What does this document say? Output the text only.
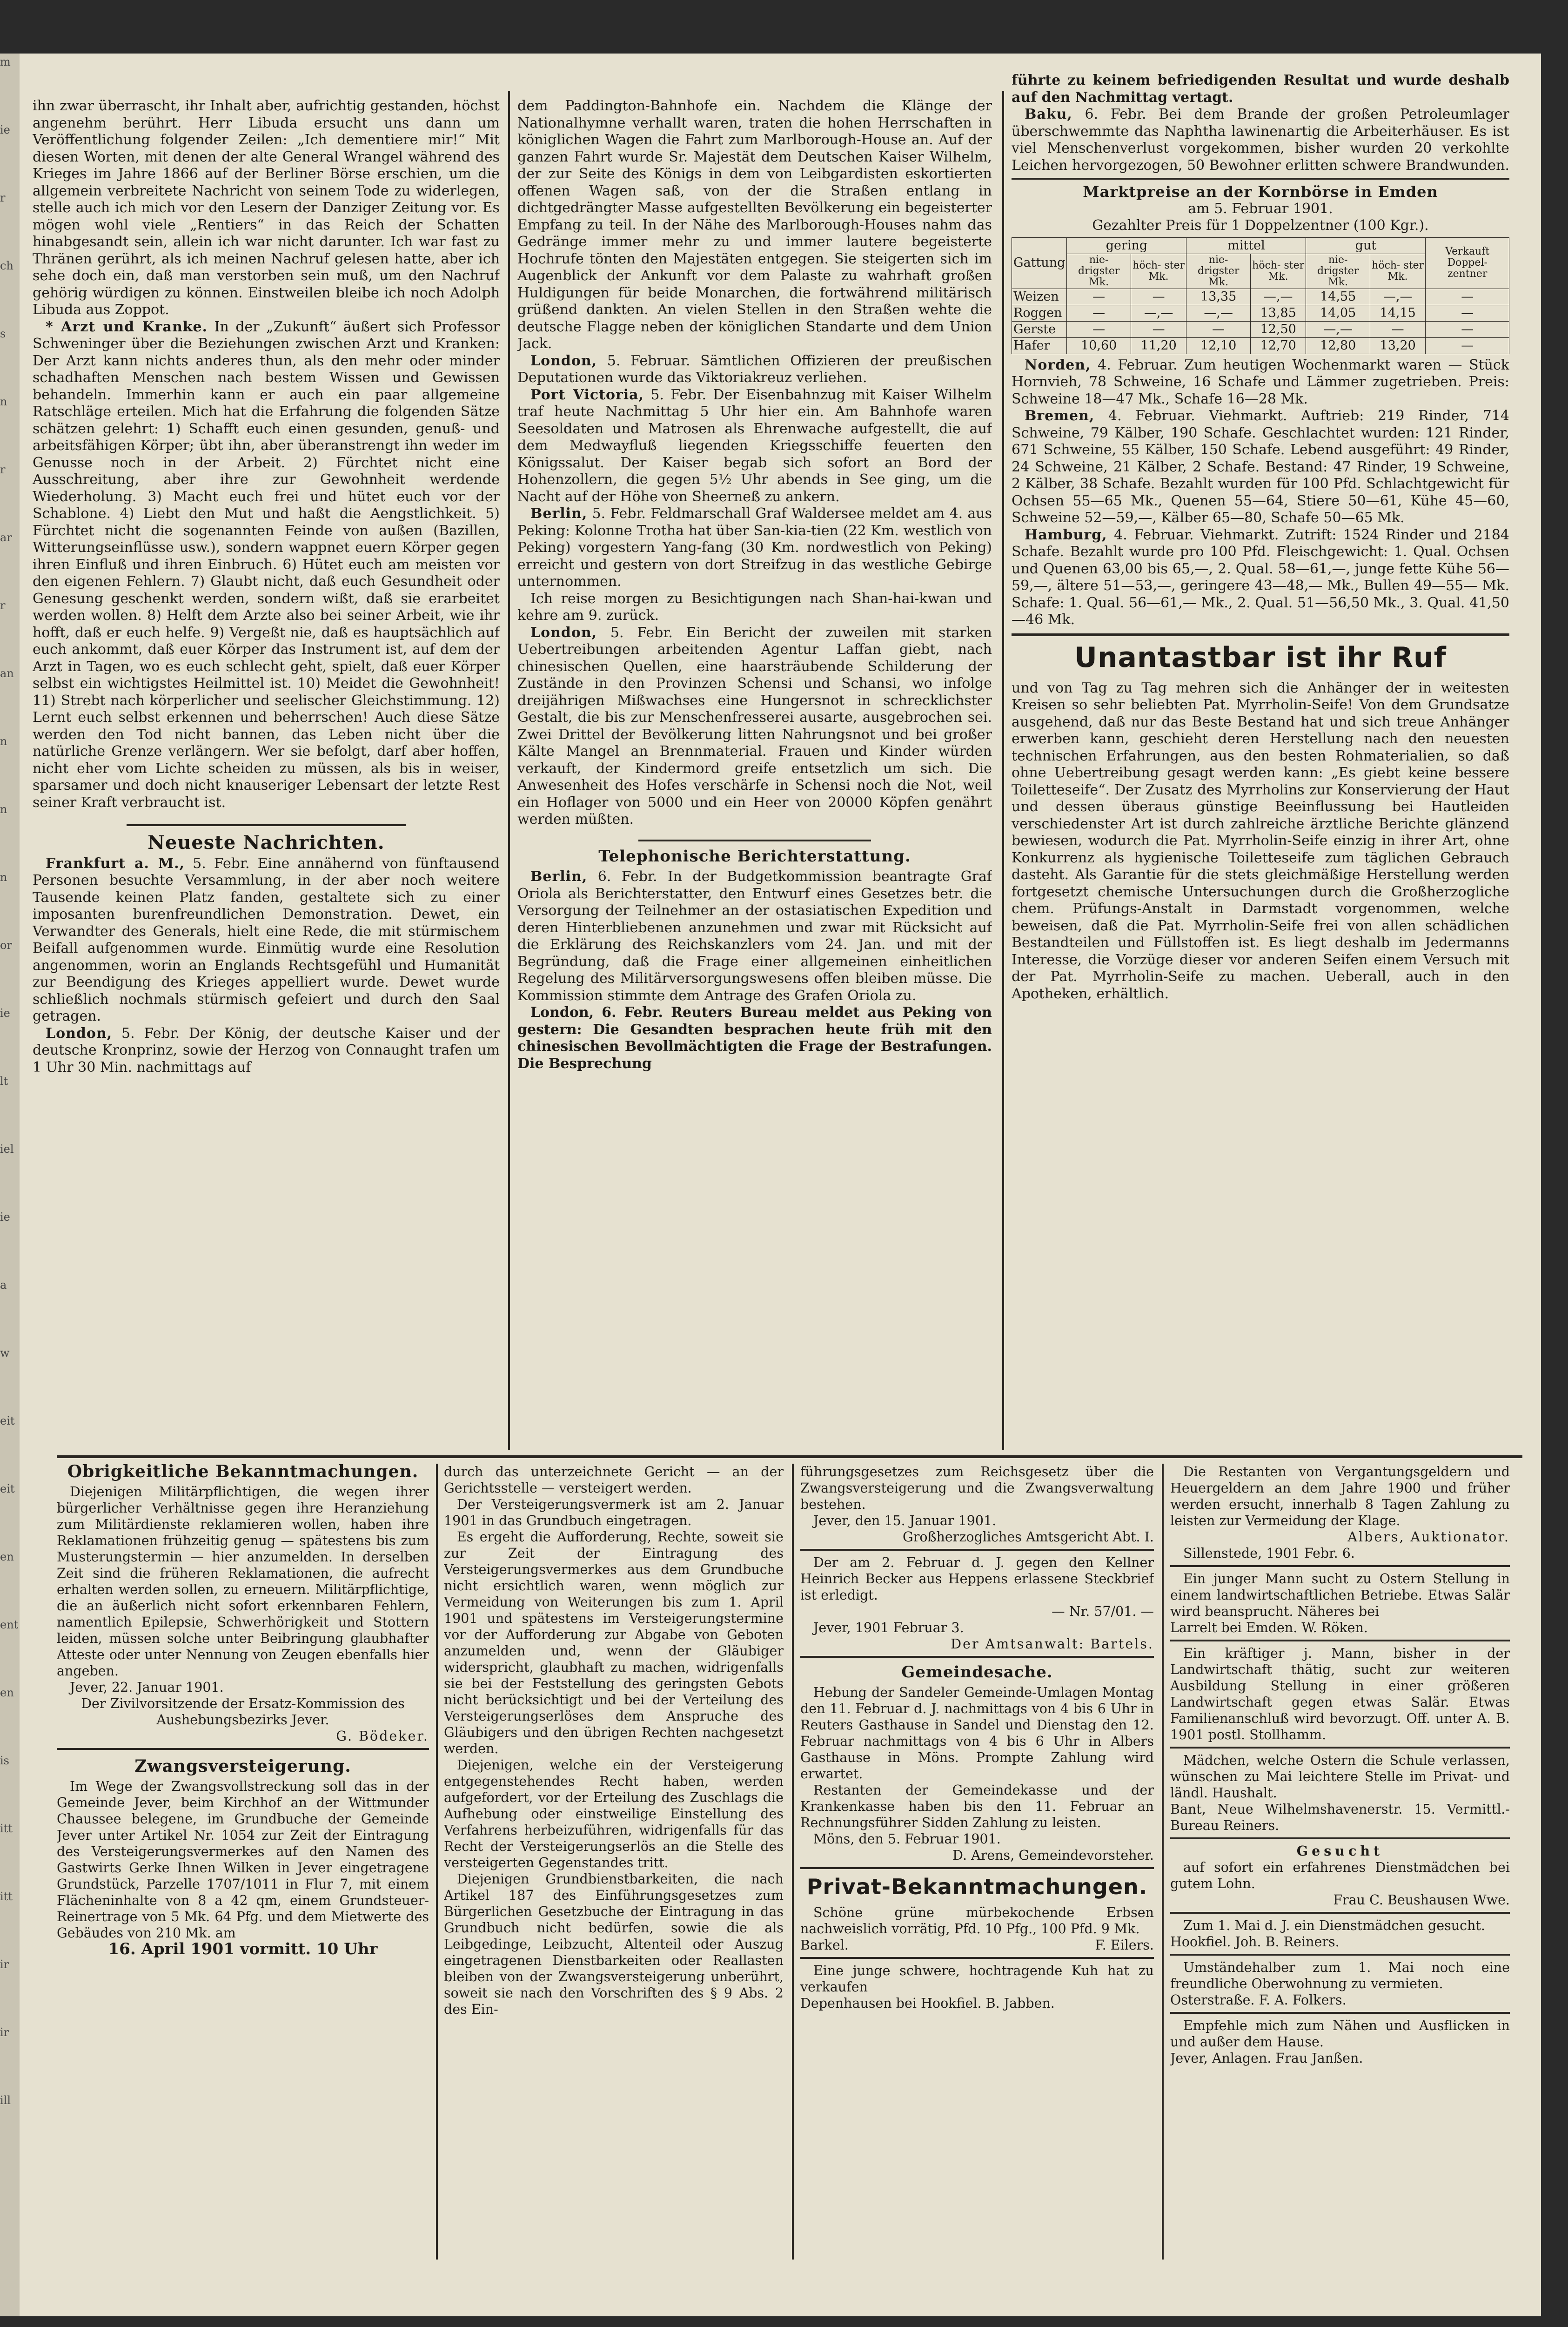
m
ie
r
ch
s
n
r
ar
r
an
n
n
n
or
ie
lt
iel
ie
a
w
eit
eit
en
ent
en
is
itt
itt
ir
ir
ill

ihn zwar überrascht, ihr Inhalt aber, aufrichtig gestanden, höchst angenehm berührt. Herr Libuda ersucht uns dann um Veröffentlichung folgender Zeilen: „Ich dementiere mir!“ Mit diesen Worten, mit denen der alte General Wrangel während des Krieges im Jahre 1866 auf der Berliner Börse erschien, um die allgemein verbreitete Nachricht von seinem Tode zu widerlegen, stelle auch ich mich vor den Lesern der Danziger Zeitung vor. Es mögen wohl viele „Rentiers“ in das Reich der Schatten hinabgesandt sein, allein ich war nicht darunter. Ich war fast zu Thränen gerührt, als ich meinen Nachruf gelesen hatte, aber ich sehe doch ein, daß man verstorben sein muß, um den Nachruf gehörig würdigen zu können. Einstweilen bleibe ich noch Adolph Libuda aus Zoppot.

* Arzt und Kranke. In der „Zukunft“ äußert sich Professor Schweninger über die Beziehungen zwischen Arzt und Kranken: Der Arzt kann nichts anderes thun, als den mehr oder minder schadhaften Menschen nach bestem Wissen und Gewissen behandeln. Immerhin kann er auch ein paar allgemeine Ratschläge erteilen. Mich hat die Erfahrung die folgenden Sätze schätzen gelehrt: 1) Schafft euch einen gesunden, genuß- und arbeitsfähigen Körper; übt ihn, aber überanstrengt ihn weder im Genusse noch in der Arbeit. 2) Fürchtet nicht eine Ausschreitung, aber ihre zur Gewohnheit werdende Wiederholung. 3) Macht euch frei und hütet euch vor der Schablone. 4) Liebt den Mut und haßt die Aengstlichkeit. 5) Fürchtet nicht die sogenannten Feinde von außen (Bazillen, Witterungseinflüsse usw.), sondern wappnet euern Körper gegen ihren Einfluß und ihren Einbruch. 6) Hütet euch am meisten vor den eigenen Fehlern. 7) Glaubt nicht, daß euch Gesundheit oder Genesung geschenkt werden, sondern wißt, daß sie erarbeitet werden wollen. 8) Helft dem Arzte also bei seiner Arbeit, wie ihr hofft, daß er euch helfe. 9) Vergeßt nie, daß es hauptsächlich auf euch ankommt, daß euer Körper das Instrument ist, auf dem der Arzt in Tagen, wo es euch schlecht geht, spielt, daß euer Körper selbst ein wichtigstes Heilmittel ist. 10) Meidet die Gewohnheit! 11) Strebt nach körperlicher und seelischer Gleichstimmung. 12) Lernt euch selbst erkennen und beherrschen! Auch diese Sätze werden den Tod nicht bannen, das Leben nicht über die natürliche Grenze verlängern. Wer sie befolgt, darf aber hoffen, nicht eher vom Lichte scheiden zu müssen, als bis in weiser, sparsamer und doch nicht knauseriger Lebensart der letzte Rest seiner Kraft verbraucht ist.

Neueste Nachrichten.

Frankfurt a. M., 5. Febr. Eine annähernd von fünftausend Personen besuchte Versammlung, in der aber noch weitere Tausende keinen Platz fanden, gestaltete sich zu einer imposanten burenfreundlichen Demonstration. Dewet, ein Verwandter des Generals, hielt eine Rede, die mit stürmischem Beifall aufgenommen wurde. Einmütig wurde eine Resolution angenommen, worin an Englands Rechtsgefühl und Humanität zur Beendigung des Krieges appelliert wurde. Dewet wurde schließlich nochmals stürmisch gefeiert und durch den Saal getragen.

London, 5. Febr. Der König, der deutsche Kaiser und der deutsche Kronprinz, sowie der Herzog von Connaught trafen um 1 Uhr 30 Min. nachmittags auf

dem Paddington-Bahnhofe ein. Nachdem die Klänge der Nationalhymne verhallt waren, traten die hohen Herrschaften in königlichen Wagen die Fahrt zum Marlborough-House an. Auf der ganzen Fahrt wurde Sr. Majestät dem Deutschen Kaiser Wilhelm, der zur Seite des Königs in dem von Leibgardisten eskortierten offenen Wagen saß, von der die Straßen entlang in dichtgedrängter Masse aufgestellten Bevölkerung ein begeisterter Empfang zu teil. In der Nähe des Marlborough-Houses nahm das Gedränge immer mehr zu und immer lautere begeisterte Hochrufe tönten den Majestäten entgegen. Sie steigerten sich im Augenblick der Ankunft vor dem Palaste zu wahrhaft großen Huldigungen für beide Monarchen, die fortwährend militärisch grüßend dankten. An vielen Stellen in den Straßen wehte die deutsche Flagge neben der königlichen Standarte und dem Union Jack.

London, 5. Februar. Sämtlichen Offizieren der preußischen Deputationen wurde das Viktoriakreuz verliehen.

Port Victoria, 5. Febr. Der Eisenbahnzug mit Kaiser Wilhelm traf heute Nachmittag 5 Uhr hier ein. Am Bahnhofe waren Seesoldaten und Matrosen als Ehrenwache aufgestellt, die auf dem Medwayfluß liegenden Kriegsschiffe feuerten den Königssalut. Der Kaiser begab sich sofort an Bord der Hohenzollern, die gegen 5½ Uhr abends in See ging, um die Nacht auf der Höhe von Sheerneß zu ankern.

Berlin, 5. Febr. Feldmarschall Graf Waldersee meldet am 4. aus Peking: Kolonne Trotha hat über San-kia-tien (22 Km. westlich von Peking) vorgestern Yang-fang (30 Km. nordwestlich von Peking) erreicht und gestern von dort Streifzug in das westliche Gebirge unternommen.

Ich reise morgen zu Besichtigungen nach Shan-hai-kwan und kehre am 9. zurück.

London, 5. Febr. Ein Bericht der zuweilen mit starken Uebertreibungen arbeitenden Agentur Laffan giebt, nach chinesischen Quellen, eine haarsträubende Schilderung der Zustände in den Provinzen Schensi und Schansi, wo infolge dreijährigen Mißwachses eine Hungersnot in schrecklichster Gestalt, die bis zur Menschenfresserei ausarte, ausgebrochen sei. Zwei Drittel der Bevölkerung litten Nahrungsnot und bei großer Kälte Mangel an Brennmaterial. Frauen und Kinder würden verkauft, der Kindermord greife entsetzlich um sich. Die Anwesenheit des Hofes verschärfe in Schensi noch die Not, weil ein Hoflager von 5000 und ein Heer von 20000 Köpfen genährt werden müßten.

Telephonische Berichterstattung.

Berlin, 6. Febr. In der Budgetkommission beantragte Graf Oriola als Berichterstatter, den Entwurf eines Gesetzes betr. die Versorgung der Teilnehmer an der ostasiatischen Expedition und deren Hinterbliebenen anzunehmen und zwar mit Rücksicht auf die Erklärung des Reichskanzlers vom 24. Jan. und mit der Begründung, daß die Frage einer allgemeinen einheitlichen Regelung des Militärversorgungswesens offen bleiben müsse. Die Kommission stimmte dem Antrage des Grafen Oriola zu.

London, 6. Febr. Reuters Bureau meldet aus Peking von gestern: Die Gesandten besprachen heute früh mit den chinesischen Bevollmächtigten die Frage der Bestrafungen. Die Besprechung

führte zu keinem befriedigenden Resultat und wurde deshalb auf den Nachmittag vertagt.

Baku, 6. Febr. Bei dem Brande der großen Petroleumlager überschwemmte das Naphtha lawinenartig die Arbeiterhäuser. Es ist viel Menschenverlust vorgekommen, bisher wurden 20 verkohlte Leichen hervorgezogen, 50 Bewohner erlitten schwere Brandwunden.

Marktpreise an der Kornbörse in Emden
am 5. Februar 1901.
Gezahlter Preis für 1 Doppelzentner (100 Kgr.).
Gattung	gering		mittel		gut		Verkauft Doppel- zentner
	nie- drigster Mk.	höch- ster Mk.	nie- drigster Mk.	höch- ster Mk.	nie- drigster Mk.	höch- ster Mk.	
Weizen	—	—	13,35	—,—	14,55	—,—	—
Roggen	—	—,—	—,—	13,85	14,05	14,15	—
Gerste	—	—	—	12,50	—,—	—	—
Hafer	10,60	11,20	12,10	12,70	12,80	13,20	—

Norden, 4. Februar. Zum heutigen Wochenmarkt waren — Stück Hornvieh, 78 Schweine, 16 Schafe und Lämmer zugetrieben. Preis: Schweine 18—47 Mk., Schafe 16—28 Mk.

Bremen, 4. Februar. Viehmarkt. Auftrieb: 219 Rinder, 714 Schweine, 79 Kälber, 190 Schafe. Geschlachtet wurden: 121 Rinder, 671 Schweine, 55 Kälber, 150 Schafe. Lebend ausgeführt: 49 Rinder, 24 Schweine, 21 Kälber, 2 Schafe. Bestand: 47 Rinder, 19 Schweine, 2 Kälber, 38 Schafe. Bezahlt wurden für 100 Pfd. Schlachtgewicht für Ochsen 55—65 Mk., Quenen 55—64, Stiere 50—61, Kühe 45—60, Schweine 52—59,—, Kälber 65—80, Schafe 50—65 Mk.

Hamburg, 4. Februar. Viehmarkt. Zutrift: 1524 Rinder und 2184 Schafe. Bezahlt wurde pro 100 Pfd. Fleischgewicht: 1. Qual. Ochsen und Quenen 63,00 bis 65,—, 2. Qual. 58—61,—, junge fette Kühe 56—59,—, ältere 51—53,—, geringere 43—48,— Mk., Bullen 49—55— Mk. Schafe: 1. Qual. 56—61,— Mk., 2. Qual. 51—56,50 Mk., 3. Qual. 41,50—46 Mk.

Unantastbar ist ihr Ruf

und von Tag zu Tag mehren sich die Anhänger der in weitesten Kreisen so sehr beliebten Pat. Myrrholin-Seife! Von dem Grundsatze ausgehend, daß nur das Beste Bestand hat und sich treue Anhänger erwerben kann, geschieht deren Herstellung nach den neuesten technischen Erfahrungen, aus den besten Rohmaterialien, so daß ohne Uebertreibung gesagt werden kann: „Es giebt keine bessere Toiletteseife“. Der Zusatz des Myrrholins zur Konservierung der Haut und dessen überaus günstige Beeinflussung bei Hautleiden verschiedenster Art ist durch zahlreiche ärztliche Berichte glänzend bewiesen, wodurch die Pat. Myrrholin-Seife einzig in ihrer Art, ohne Konkurrenz als hygienische Toiletteseife zum täglichen Gebrauch dasteht. Als Garantie für die stets gleichmäßige Herstellung werden fortgesetzt chemische Untersuchungen durch die Großherzogliche chem. Prüfungs-Anstalt in Darmstadt vorgenommen, welche beweisen, daß die Pat. Myrrholin-Seife frei von allen schädlichen Bestandteilen und Füllstoffen ist. Es liegt deshalb im Jedermanns Interesse, die Vorzüge dieser vor anderen Seifen einem Versuch mit der Pat. Myrrholin-Seife zu machen. Ueberall, auch in den Apotheken, erhältlich.

Obrigkeitliche Bekanntmachungen.

Diejenigen Militärpflichtigen, die wegen ihrer bürgerlicher Verhältnisse gegen ihre Heranziehung zum Militärdienste reklamieren wollen, haben ihre Reklamationen frühzeitig genug — spätestens bis zum Musterungstermin — hier anzumelden. In derselben Zeit sind die früheren Reklamationen, die aufrecht erhalten werden sollen, zu erneuern. Militärpflichtige, die an äußerlich nicht sofort erkennbaren Fehlern, namentlich Epilepsie, Schwerhörigkeit und Stottern leiden, müssen solche unter Beibringung glaubhafter Atteste oder unter Nennung von Zeugen ebenfalls hier angeben.

Jever, 22. Januar 1901.

Der Zivilvorsitzende der Ersatz-Kommission des Aushebungsbezirks Jever.

G. Bödeker.

Zwangsversteigerung.

Im Wege der Zwangsvollstreckung soll das in der Gemeinde Jever, beim Kirchhof an der Wittmunder Chaussee belegene, im Grundbuche der Gemeinde Jever unter Artikel Nr. 1054 zur Zeit der Eintragung des Versteigerungsvermerkes auf den Namen des Gastwirts Gerke Ihnen Wilken in Jever eingetragene Grundstück, Parzelle 1707/1011 in Flur 7, mit einem Flächeninhalte von 8 a 42 qm, einem Grundsteuer-Reinertrage von 5 Mk. 64 Pfg. und dem Mietwerte des Gebäudes von 210 Mk. am

16. April 1901 vormitt. 10 Uhr

durch das unterzeichnete Gericht — an der Gerichtsstelle — versteigert werden.

Der Versteigerungsvermerk ist am 2. Januar 1901 in das Grundbuch eingetragen.

Es ergeht die Aufforderung, Rechte, soweit sie zur Zeit der Eintragung des Versteigerungsvermerkes aus dem Grundbuche nicht ersichtlich waren, wenn möglich zur Vermeidung von Weiterungen bis zum 1. April 1901 und spätestens im Versteigerungstermine vor der Aufforderung zur Abgabe von Geboten anzumelden und, wenn der Gläubiger widerspricht, glaubhaft zu machen, widrigenfalls sie bei der Feststellung des geringsten Gebots nicht berücksichtigt und bei der Verteilung des Versteigerungserlöses dem Anspruche des Gläubigers und den übrigen Rechten nachgesetzt werden.

Diejenigen, welche ein der Versteigerung entgegenstehendes Recht haben, werden aufgefordert, vor der Erteilung des Zuschlags die Aufhebung oder einstweilige Einstellung des Verfahrens herbeizuführen, widrigenfalls für das Recht der Versteigerungserlös an die Stelle des versteigerten Gegenstandes tritt.

Diejenigen Grundbienstbarkeiten, die nach Artikel 187 des Einführungsgesetzes zum Bürgerlichen Gesetzbuche der Eintragung in das Grundbuch nicht bedürfen, sowie die als Leibgedinge, Leibzucht, Altenteil oder Auszug eingetragenen Dienstbarkeiten oder Reallasten bleiben von der Zwangsversteigerung unberührt, soweit sie nach den Vorschriften des § 9 Abs. 2 des Ein-

führungsgesetzes zum Reichsgesetz über die Zwangsversteigerung und die Zwangsverwaltung bestehen.

Jever, den 15. Januar 1901.

Großherzogliches Amtsgericht Abt. I.

Der am 2. Februar d. J. gegen den Kellner Heinrich Becker aus Heppens erlassene Steckbrief ist erledigt.

— Nr. 57/01. —

Jever, 1901 Februar 3.

Der Amtsanwalt: Bartels.

Gemeindesache.

Hebung der Sandeler Gemeinde-Umlagen Montag den 11. Februar d. J. nachmittags von 4 bis 6 Uhr in Reuters Gasthause in Sandel und Dienstag den 12. Februar nachmittags von 4 bis 6 Uhr in Albers Gasthause in Möns. Prompte Zahlung wird erwartet.

Restanten der Gemeindekasse und der Krankenkasse haben bis den 11. Februar an Rechnungsführer Sidden Zahlung zu leisten.

Möns, den 5. Februar 1901.

D. Arens, Gemeindevorsteher.

Privat-Bekanntmachungen.

Schöne grüne mürbekochende Erbsen nachweislich vorrätig, Pfd. 10 Pfg., 100 Pfd. 9 Mk.

Barkel.	F. Eilers.

Eine junge schwere, hochtragende Kuh hat zu verkaufen

Depenhausen bei Hookfiel. B. Jabben.

Die Restanten von Vergantungsgeldern und Heuergeldern an dem Jahre 1900 und früher werden ersucht, innerhalb 8 Tagen Zahlung zu leisten zur Vermeidung der Klage.

Albers, Auktionator.

Sillenstede, 1901 Febr. 6.

Ein junger Mann sucht zu Ostern Stellung in einem landwirtschaftlichen Betriebe. Etwas Salär wird beansprucht. Näheres bei

Larrelt bei Emden. W. Röken.

Ein kräftiger j. Mann, bisher in der Landwirtschaft thätig, sucht zur weiteren Ausbildung Stellung in einer größeren Landwirtschaft gegen etwas Salär. Etwas Familienanschluß wird bevorzugt. Off. unter A. B. 1901 postl. Stollhamm.

Mädchen, welche Ostern die Schule verlassen, wünschen zu Mai leichtere Stelle im Privat- und ländl. Haushalt.

Bant, Neue Wilhelmshavenerstr. 15. Vermittl.-Bureau Reiners.

Gesucht

auf sofort ein erfahrenes Dienstmädchen bei gutem Lohn.

Frau C. Beushausen Wwe.

Zum 1. Mai d. J. ein Dienstmädchen gesucht.

Hookfiel. Joh. B. Reiners.

Umständehalber zum 1. Mai noch eine freundliche Oberwohnung zu vermieten.

Osterstraße. F. A. Folkers.

Empfehle mich zum Nähen und Ausflicken in und außer dem Hause.

Jever, Anlagen. Frau Janßen.
